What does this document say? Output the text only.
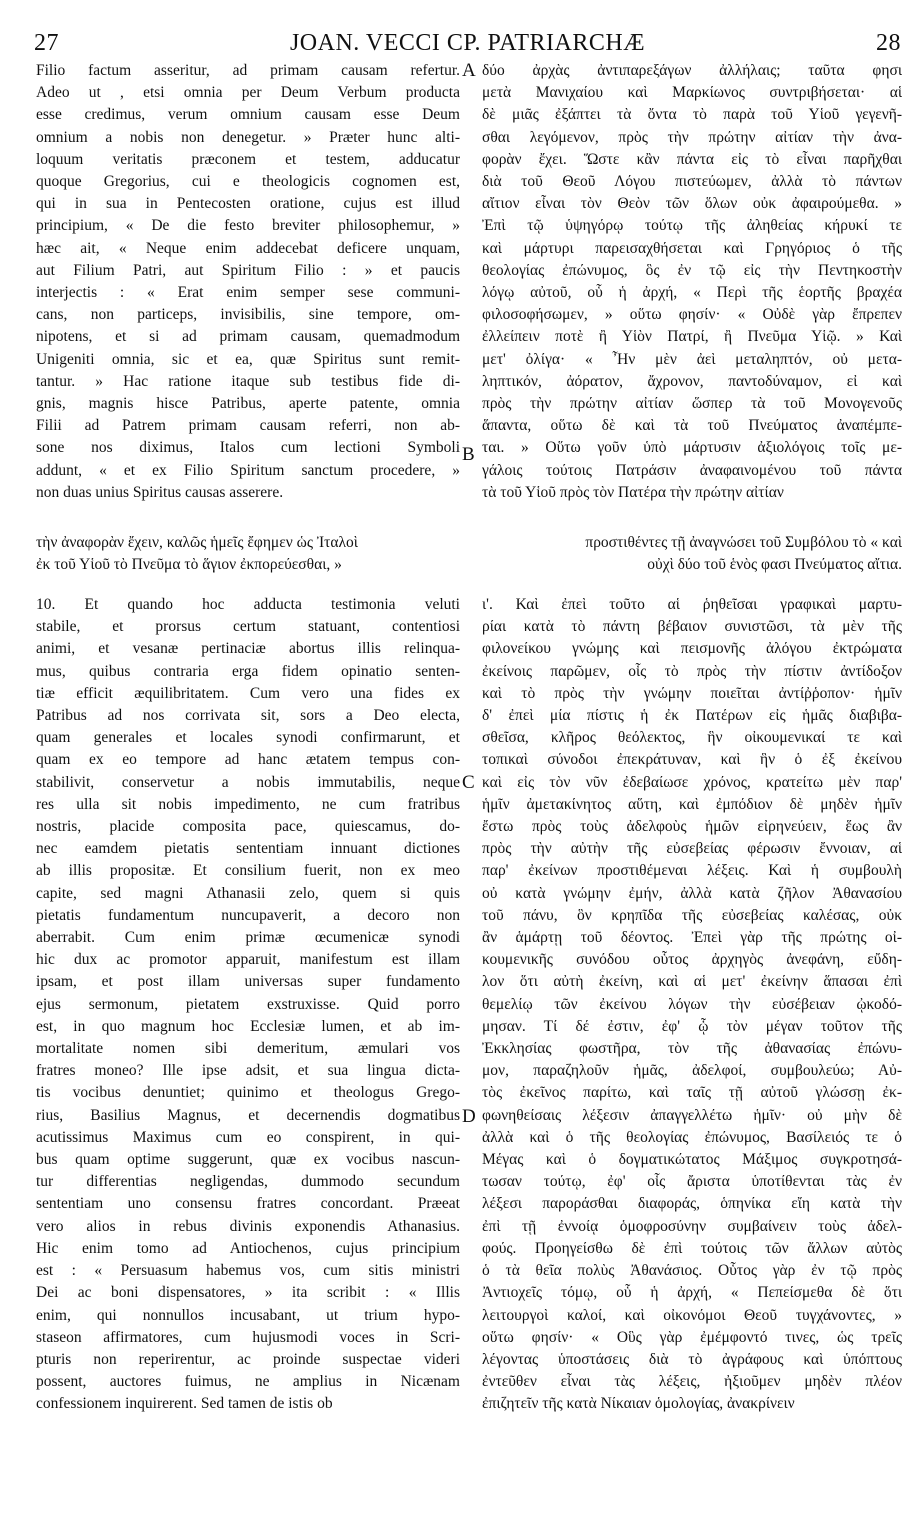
27	JOAN. VECCI CP. PATRIARCHÆ	28
A
B
C
D
Filio factum asseritur, ad primam causam refertur.
Adeo ut , etsi omnia per Deum Verbum producta
esse credimus, verum omnium causam esse Deum
omnium a nobis non denegetur. » Præter hunc alti-
loquum veritatis præconem et testem, adducatur
quoque Gregorius, cui e theologicis cognomen est,
qui in sua in Pentecosten oratione, cujus est illud
principium, « De die festo breviter philosophemur, »
hæc ait, « Neque enim addecebat deficere unquam,
aut Filium Patri, aut Spiritum Filio : » et paucis
interjectis : « Erat enim semper sese communi-
cans, non particeps, invisibilis, sine tempore, om-
nipotens, et si ad primam causam, quemadmodum
Unigeniti omnia, sic et ea, quæ Spiritus sunt remit-
tantur. » Hac ratione itaque sub testibus fide di-
gnis, magnis hisce Patribus, aperte patente, omnia
Filii ad Patrem primam causam referri, non ab-
sone nos diximus, Italos cum lectioni Symboli
addunt, « et ex Filio Spiritum sanctum procedere, »
non duas unius Spiritus causas asserere.
δύο ἀρχὰς ἀντιπαρεξάγων ἀλλήλαις; ταῦτα φησι
μετὰ Μανιχαίου καὶ Μαρκίωνος συντριβήσεται· αἱ
δὲ μιᾶς ἐξάπτει τὰ ὄντα τὸ παρὰ τοῦ Υἱοῦ γεγενῆ-
σθαι λεγόμενον, πρὸς τὴν πρώτην αἰτίαν τὴν ἀνα-
φορὰν ἔχει. Ὥστε κἂν πάντα εἰς τὸ εἶναι παρῆχθαι
διὰ τοῦ Θεοῦ Λόγου πιστεύωμεν, ἀλλὰ τὸ πάντων
αἴτιον εἶναι τὸν Θεὸν τῶν ὅλων οὐκ ἀφαιρούμεθα. »
Ἐπὶ τῷ ὑψηγόρῳ τούτῳ τῆς ἀληθείας κήρυκί τε
καὶ μάρτυρι παρεισαχθήσεται καὶ Γρηγόριος ὁ τῆς
θεολογίας ἐπώνυμος, ὃς ἐν τῷ εἰς τὴν Πεντηκοστὴν
λόγῳ αὐτοῦ, οὗ ἡ ἀρχή, « Περὶ τῆς ἑορτῆς βραχέα
φιλοσοφήσωμεν, » οὕτω φησίν· « Οὐδὲ γὰρ ἔπρεπεν
ἐλλείπειν ποτὲ ἢ Υἱὸν Πατρί, ἢ Πνεῦμα Υἱῷ. » Καὶ
μετ' ὀλίγα· « Ἦν μὲν ἀεὶ μεταληπτόν, οὐ μετα-
ληπτικόν, ἀόρατον, ἄχρονον, παντοδύναμον, εἰ καὶ
πρὸς τὴν πρώτην αἰτίαν ὥσπερ τὰ τοῦ Μονογενοῦς
ἅπαντα, οὕτω δὲ καὶ τὰ τοῦ Πνεύματος ἀναπέμπε-
ται. » Οὕτω γοῦν ὑπὸ μάρτυσιν ἀξιολόγοις τοῖς με-
γάλοις τούτοις Πατράσιν ἀναφαινομένου τοῦ πάντα
τὰ τοῦ Υἱοῦ πρὸς τὸν Πατέρα τὴν πρώτην αἰτίαν
τὴν ἀναφορὰν ἔχειν, καλῶς ἡμεῖς ἔφημεν ὡς Ἰταλοὶ	προστιθέντες τῇ ἀναγνώσει τοῦ Συμβόλου τὸ « καὶ
ἐκ τοῦ Υἱοῦ τὸ Πνεῦμα τὸ ἅγιον ἐκπορεύεσθαι, »	οὐχὶ δύο τοῦ ἑνὸς φασι Πνεύματος αἴτια.
10. Et quando hoc adducta testimonia veluti
stabile, et prorsus certum statuant, contentiosi
animi, et vesanæ pertinaciæ abortus illis relinqua-
mus, quibus contraria erga fidem opinatio senten-
tiæ efficit æquilibritatem. Cum vero una fides ex
Patribus ad nos corrivata sit, sors a Deo electa,
quam generales et locales synodi confirmarunt, et
quam ex eo tempore ad hanc ætatem tempus con-
stabilivit, conservetur a nobis immutabilis, neque
res ulla sit nobis impedimento, ne cum fratribus
nostris, placide composita pace, quiescamus, do-
nec eamdem pietatis sententiam innuant dictiones
ab illis propositæ. Et consilium fuerit, non ex meo
capite, sed magni Athanasii zelo, quem si quis
pietatis fundamentum nuncupaverit, a decoro non
aberrabit. Cum enim primæ œcumenicæ synodi
hic dux ac promotor apparuit, manifestum est illam
ipsam, et post illam universas super fundamento
ejus sermonum, pietatem exstruxisse. Quid porro
est, in quo magnum hoc Ecclesiæ lumen, et ab im-
mortalitate nomen sibi demeritum, æmulari vos
fratres moneo? Ille ipse adsit, et sua lingua dicta-
tis vocibus denuntiet; quinimo et theologus Grego-
rius, Basilius Magnus, et decernendis dogmatibus
acutissimus Maximus cum eo conspirent, in qui-
bus quam optime suggerunt, quæ ex vocibus nascun-
tur differentias negligendas, dummodo secundum
sententiam uno consensu fratres concordant. Præeat
vero alios in rebus divinis exponendis Athanasius.
Hic enim tomo ad Antiochenos, cujus principium
est : « Persuasum habemus vos, cum sitis ministri
Dei ac boni dispensatores, » ita scribit : « Illis
enim, qui nonnullos incusabant, ut trium hypo-
staseon affirmatores, cum hujusmodi voces in Scri-
pturis non reperirentur, ac proinde suspectae videri
possent, auctores fuimus, ne amplius in Nicænam
confessionem inquirerent. Sed tamen de istis ob
ι'. Καὶ ἐπεὶ τοῦτο αἱ ῥηθεῖσαι γραφικαὶ μαρτυ-
ρίαι κατὰ τὸ πάντη βέβαιον συνιστῶσι, τὰ μὲν τῆς
φιλονείκου γνώμης καὶ πεισμονῆς ἀλόγου ἐκτρώματα
ἐκείνοις παρῶμεν, οἷς τὸ πρὸς τὴν πίστιν ἀντίδοξον
καὶ τὸ πρὸς τὴν γνώμην ποιεῖται ἀντίῤῥοπον· ἡμῖν
δ' ἐπεὶ μία πίστις ἡ ἐκ Πατέρων εἰς ἡμᾶς διαβιβα-
σθεῖσα, κλῆρος θεόλεκτος, ἣν οἰκουμενικαί τε καὶ
τοπικαὶ σύνοδοι ἐπεκράτυναν, καὶ ἣν ὁ ἐξ ἐκείνου
καὶ εἰς τὸν νῦν ἐδεβαίωσε χρόνος, κρατείτω μὲν παρ'
ἡμῖν ἀμετακίνητος αὕτη, καὶ ἐμπόδιον δὲ μηδὲν ἡμῖν
ἔστω πρὸς τοὺς ἀδελφοὺς ἡμῶν εἰρηνεύειν, ἕως ἂν
πρὸς τὴν αὐτὴν τῆς εὐσεβείας φέρωσιν ἔννοιαν, αἱ
παρ' ἐκείνων προστιθέμεναι λέξεις. Καὶ ἡ συμβουλὴ
οὐ κατὰ γνώμην ἐμήν, ἀλλὰ κατὰ ζῆλον Ἀθανασίου
τοῦ πάνυ, ὃν κρηπῖδα τῆς εὐσεβείας καλέσας, οὐκ
ἂν ἁμάρτῃ τοῦ δέοντος. Ἐπεὶ γὰρ τῆς πρώτης οἰ-
κουμενικῆς συνόδου οὗτος ἀρχηγὸς ἀνεφάνη, εὔδη-
λον ὅτι αὐτὴ ἐκείνη, καὶ αἱ μετ' ἐκείνην ἅπασαι ἐπὶ
θεμελίῳ τῶν ἐκείνου λόγων τὴν εὐσέβειαν ᾠκοδό-
μησαν. Τί δέ ἐστιν, ἐφ' ᾧ τὸν μέγαν τοῦτον τῆς
Ἐκκλησίας φωστῆρα, τὸν τῆς ἀθανασίας ἐπώνυ-
μον, παραζηλοῦν ἡμᾶς, ἀδελφοί, συμβουλεύω; Αὐ-
τὸς ἐκεῖνος παρίτω, καὶ ταῖς τῇ αὐτοῦ γλώσσῃ ἐκ-
φωνηθείσαις λέξεσιν ἀπαγγελλέτω ἡμῖν· οὐ μὴν δὲ
ἀλλὰ καὶ ὁ τῆς θεολογίας ἐπώνυμος, Βασίλειός τε ὁ
Μέγας καὶ ὁ δογματικώτατος Μάξιμος συγκροτησά-
τωσαν τούτῳ, ἐφ' οἷς ἄριστα ὑποτίθενται τὰς ἐν
λέξεσι παροράσθαι διαφοράς, ὁπηνίκα εἴη κατὰ τὴν
ἐπὶ τῇ ἐννοίᾳ ὁμοφροσύνην συμβαίνειν τοὺς ἀδελ-
φούς. Προηγείσθω δὲ ἐπὶ τούτοις τῶν ἄλλων αὐτὸς
ὁ τὰ θεῖα πολὺς Ἀθανάσιος. Οὗτος γὰρ ἐν τῷ πρὸς
Ἀντιοχεῖς τόμῳ, οὗ ἡ ἀρχή, « Πεπείσμεθα δὲ ὅτι
λειτουργοὶ καλοί, καὶ οἰκονόμοι Θεοῦ τυγχάνοντες, »
οὕτω φησίν· « Οὓς γὰρ ἐμέμφοντό τινες, ὡς τρεῖς
λέγοντας ὑποστάσεις διὰ τὸ ἀγράφους καὶ ὑπόπτους
ἐντεῦθεν εἶναι τὰς λέξεις, ἠξιοῦμεν μηδὲν πλέον
ἐπιζητεῖν τῆς κατὰ Νίκαιαν ὁμολογίας, ἀνακρίνειν
